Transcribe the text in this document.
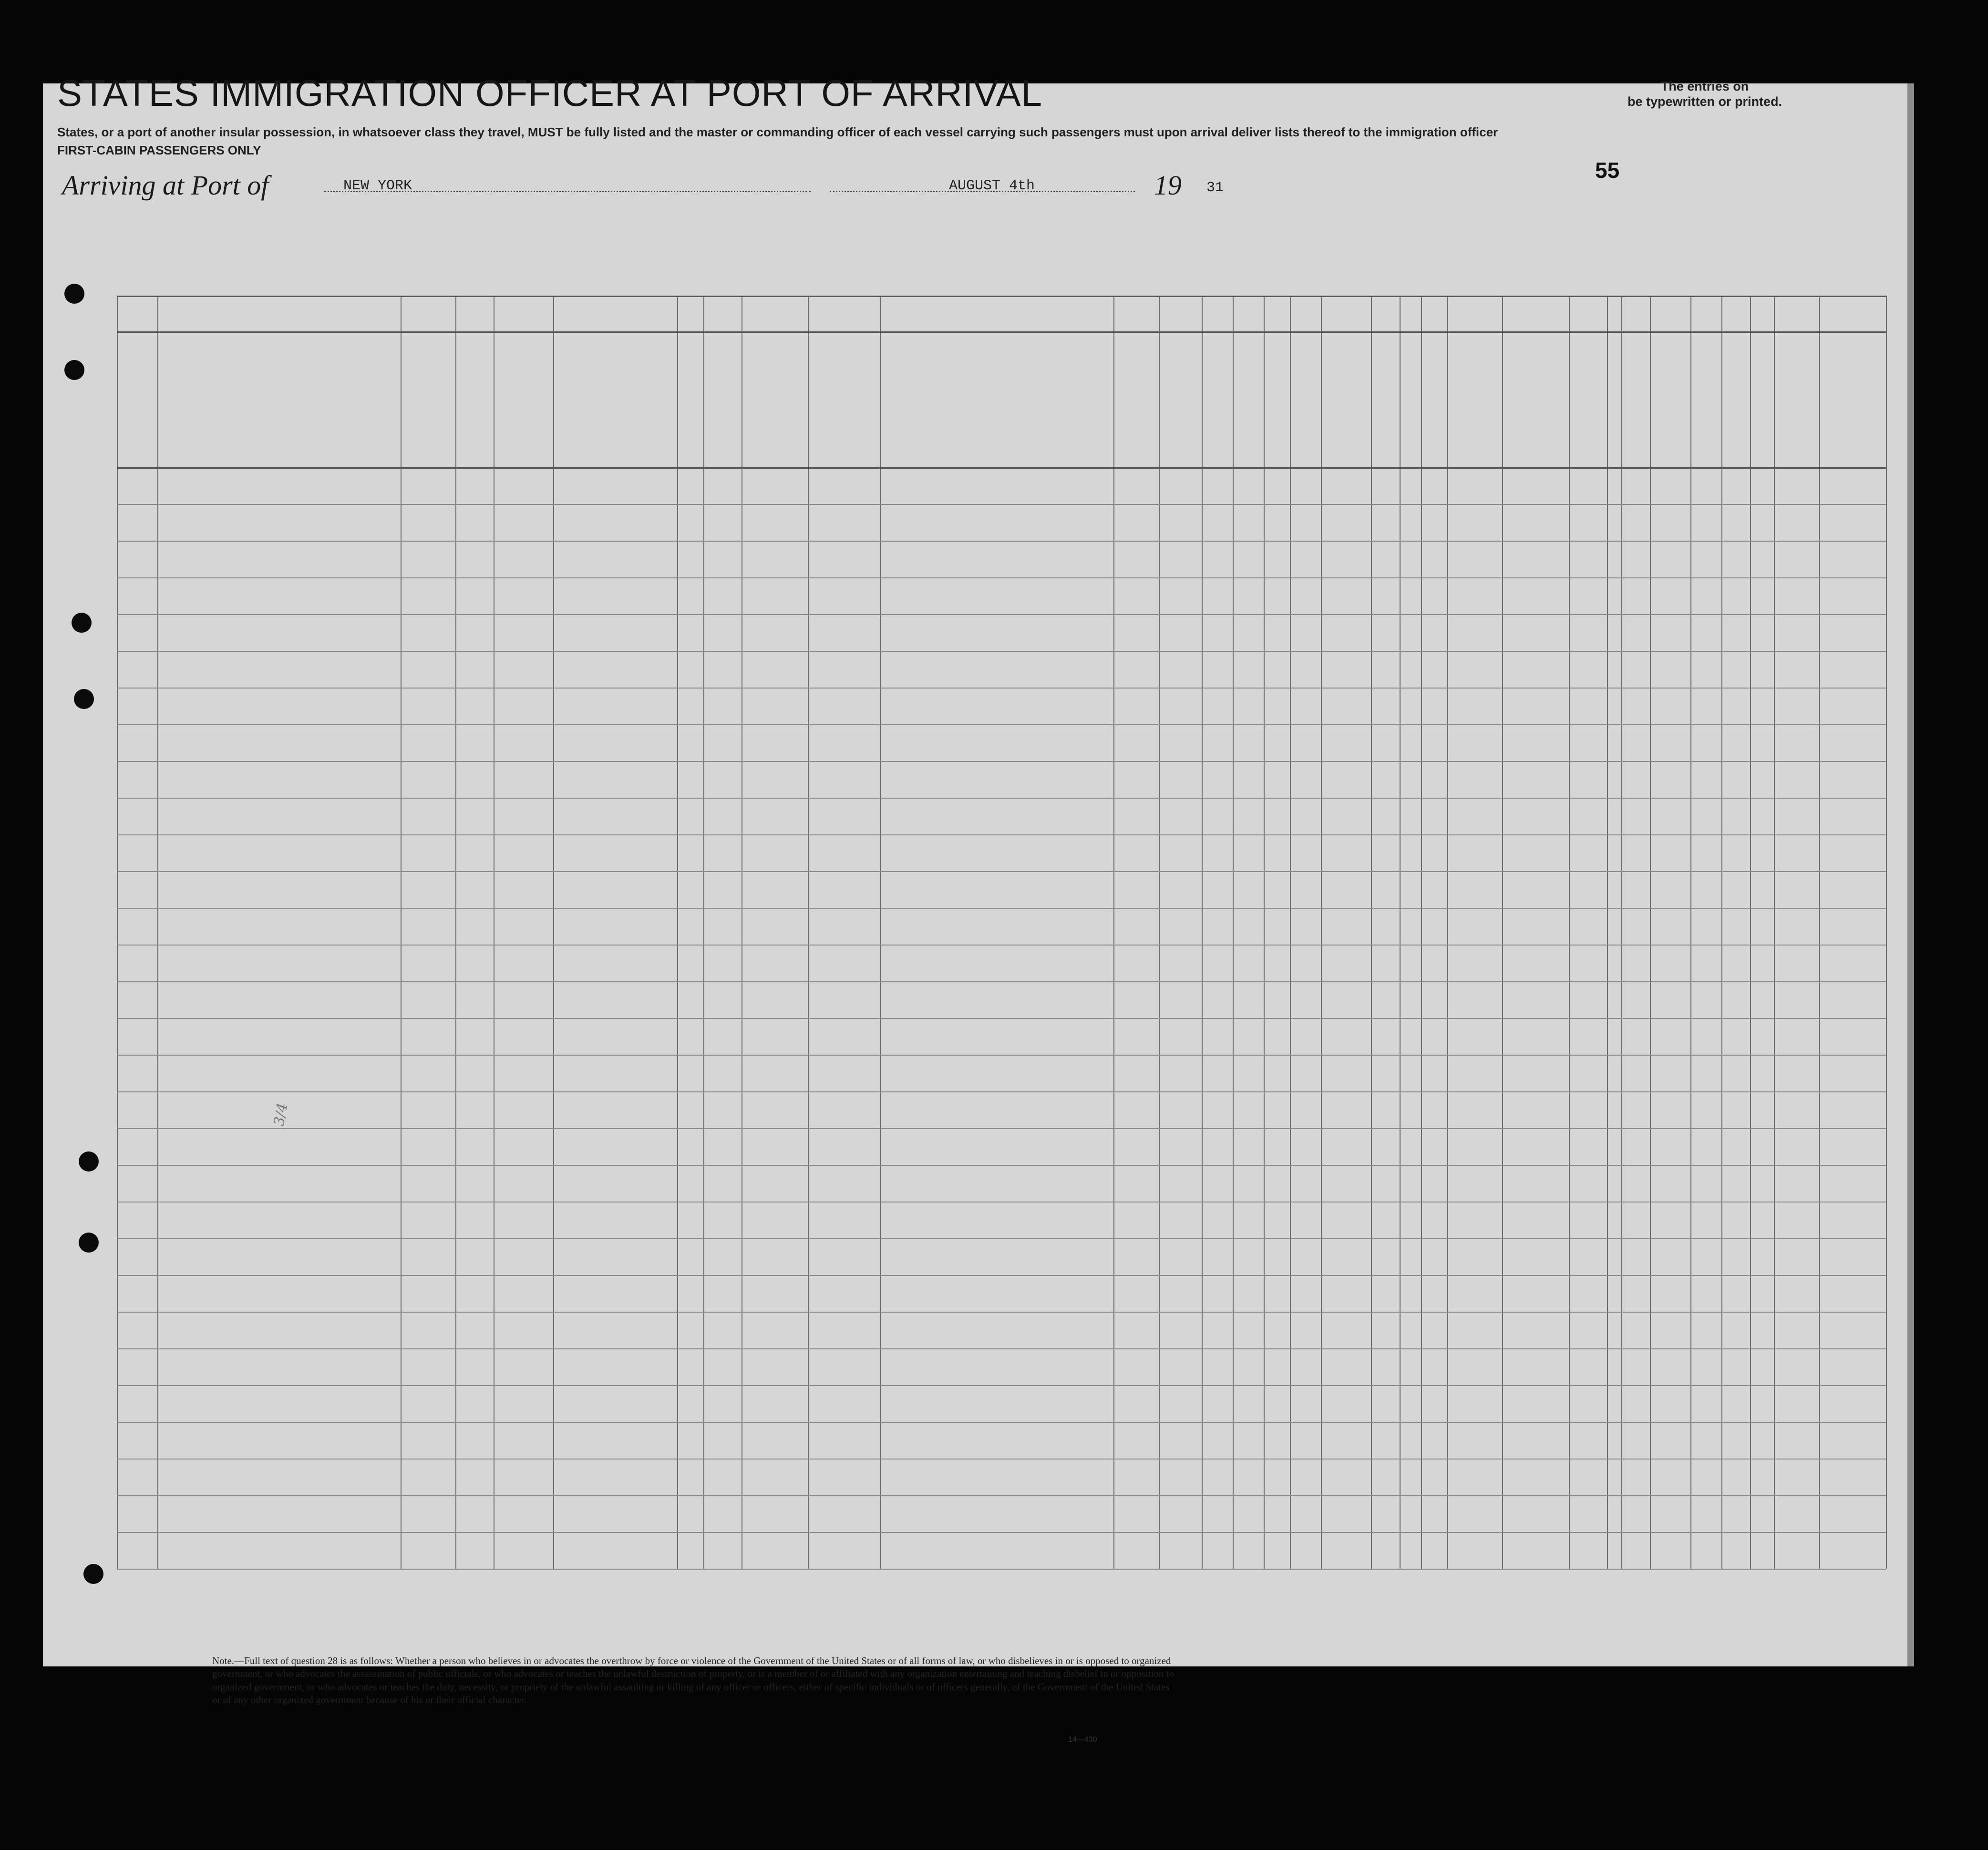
STATES IMMIGRATION OFFICER AT PORT OF ARRIVAL	The entries on
be typewritten or printed.
States, or a port of another insular possession, in whatsoever class they travel, MUST be fully listed and the master or commanding officer of each vessel carrying such passengers must upon arrival deliver lists thereof to the immigration officer
FIRST-CABIN PASSENGERS ONLY
Arriving at Port of	NEW YORK	AUGUST 4th	19 31
55
3/4
Note.—Full text of question 28 is as follows: Whether a person who believes in or advocates the overthrow by force or violence of the Government of the United States or of all forms of law, or who disbelieves in or is opposed to organized government, or who advocates the assassination of public officials, or who advocates or teaches the unlawful destruction of property, or is a member of or affiliated with any organization entertaining and teaching disbelief in or opposition to organized government, or who advocates or teaches the duty, necessity, or propriety of the unlawful assaulting or killing of any officer or officers, either of specific individuals or of officers generally, of the Government of the United States or of any other organized government because of his or their official character.
14—430
